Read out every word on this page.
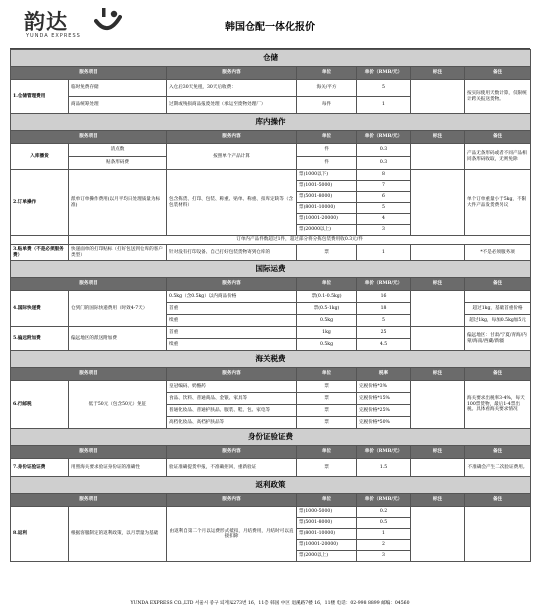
韵达
YUNDA EXPRESS
韩国仓配一体化报价
仓储						
服务项目		服务内容	单位	单价（RMB/元）	标注	备注
1.仓储管理费用	临时免费存储	入仓后30天免租，30天后收费：	海关/平方	5		按实际使用天数计算，仅限统计跨关报送货物。
	商品统筹处理	过期或残损商品报废处理（承运至废物处理厂）	每件	1		
库内操作						
服务项目		服务内容	单位	单价（RMB/元）	标注	备注
入库播货	清点数	按照单个产品计算	件	0.3		产品无条形码或者不同产品相同条形码收取，无则免除
	贴条形码费		件	0.3		
2.订单操作	派单订单操作费用(以月平均日处理质量为标准)	包含拣货、打印、包装、称重、贴单、称重、扣库定缺等（含包装材料）	票(1000以下)	8		单个订单重量小于5kg，不限大件产品发货费另议
			票(1001-5000)	7		
			票(5001-8000)	6		
			票(8001-10000)	5		
			票(10001-20000)	4		
			票(20000以上)	3		
	订单内产品件数超过1件，超过部分将分拣包装费用收0.3元/件					
3.贴单费（不是必须服务费）	快递面单的打印贴标（打好包送到仓库的客户类型）	针对没有打印设备、自己打好包装货物寄到仓库的	票	1		*不是必须服务项
国际运费						
服务项目		服务内容	单位	单价（RMB/元）	标注	备注
4.国际快递费	仓到门的国际快递费用（时效4-7天）	0.5kg（含0.5kg）以内商品价格	票(0.1-0.5kg)	16		
		首重	票(0.5-1kg)	18		超过1kg，基础首重价格
		续重	0.5kg	5		超过1kg，每加0.5kg加5元
5.偏远附加费	偏远地区的派送附加费	首重	1kg	25		偏远地区：甘肃/宁夏/青海/内蒙/海南/西藏/新疆
		续重	0.5kg	4.5		
海关税费						
服务项目		服务内容	单位	税率	标注	备注
6.行邮税	低于50元（包含50元）免征	皇冠编码、奶酪药	票	完税价格*3%		海关要求出税率3-4%，每天100票货物，最后1-4票出税。具体看海关要求情况
		食品、饮料、普通商品、金银、家具等	票	完税价格*15%		
		普通化妆品、普通护肤品、服装、鞋、包、家电等	票	完税价格*25%		
		高档化妆品、高档护肤品等	票	完税价格*50%		
身份证验证费						
服务项目		服务内容	单位	单价（RMB/元）	标注	备注
7.身份证验证费	用照海关要求验证身份证的准确性	验证准确提货申报，不准确拒回，重新验证	票	1.5		不准确会产生二次验证费用。
返利政策						
服务项目		服务内容	单位	单价（RMB/元）	标注	备注
8.返利	根据客服制定的返利政策，以月票量为基础	由返利自第二个月以运费形式抵扣，月结费用，月结时可以直接扣除	票(1000-5000)	0.2		
			票(5001-8000)	0.5		
			票(8001-10000)	1		
			票(10001-20000)	2		
			票(2000以上)	3		
YUNDA EXPRESS CO.,LTD 서울시 중구 퇴계로273번 16，11층 韩国 中区 退溪路7楼 16，11楼 电话：02-998 8899 邮编：04560
